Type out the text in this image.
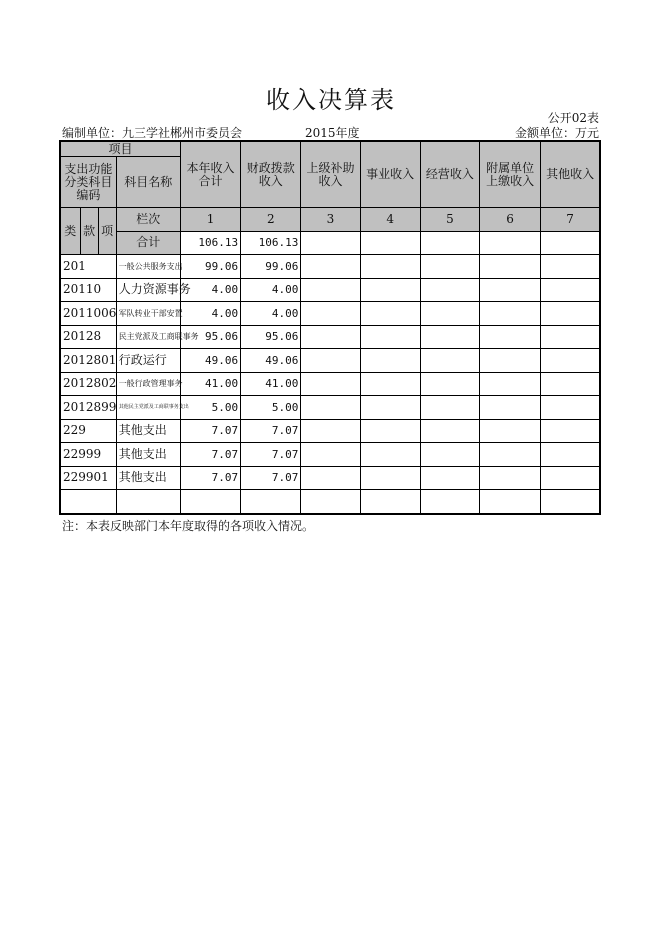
收入决算表
公开02表
编制单位：九三学社郴州市委员会	2015年度	金额单位：万元
项目				本年收入合计	财政拨款收入	上级补助收入	事业收入	经营收入	附属单位上缴收入	其他收入
支出功能分类科目编码			科目名称							
类	款	项	栏次	1	2	3	4	5	6	7
			合计	106.13	106.13					
201			一般公共服务支出	99.06	99.06					
20110			人力资源事务	4.00	4.00					
2011006			军队转业干部安置	4.00	4.00					
20128			民主党派及工商联事务	95.06	95.06					
2012801			行政运行	49.06	49.06					
2012802			一般行政管理事务	41.00	41.00					
2012899			其他民主党派及工商联事务支出	5.00	5.00					
229			其他支出	7.07	7.07					
22999			其他支出	7.07	7.07					
229901			其他支出	7.07	7.07					

注：本表反映部门本年度取得的各项收入情况。
